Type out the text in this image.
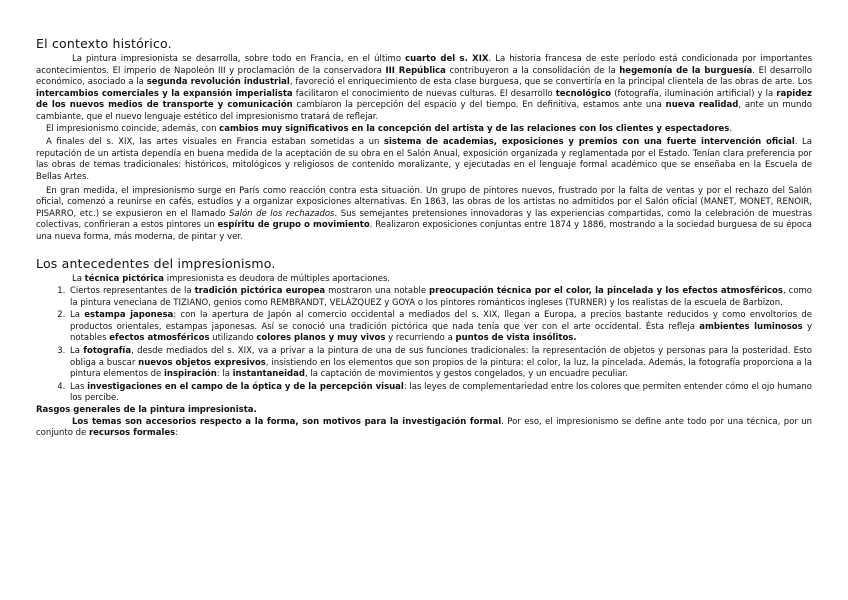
El contexto histórico.

La pintura impresionista se desarrolla, sobre todo en Francia, en el último cuarto del s. XIX. La historia francesa de este período está condicionada por importantes acontecimientos. El imperio de Napoleón III y proclamación de la conservadora III República contribuyeron a la consolidación de la hegemonía de la burguesía. El desarrollo económico, asociado a la segunda revolución industrial, favoreció el enriquecimiento de esta clase burguesa, que se convertiría en la principal clientela de las obras de arte. Los intercambios comerciales y la expansión imperialista facilitaron el conocimiento de nuevas culturas. El desarrollo tecnológico (fotografía, iluminación artificial) y la rapidez de los nuevos medios de transporte y comunicación cambiaron la percepción del espacio y del tiempo. En definitiva, estamos ante una nueva realidad, ante un mundo cambiante, que el nuevo lenguaje estético del impresionismo tratará de reflejar.

El impresionismo coincide, además, con cambios muy significativos en la concepción del artista y de las relaciones con los clientes y espectadores.

A finales del s. XIX, las artes visuales en Francia estaban sometidas a un sistema de academias, exposiciones y premios con una fuerte intervención oficial. La reputación de un artista dependía en buena medida de la aceptación de su obra en el Salón Anual, exposición organizada y reglamentada por el Estado. Tenían clara preferencia por las obras de temas tradicionales: históricos, mitológicos y religiosos de contenido moralizante, y ejecutadas en el lenguaje formal académico que se enseñaba en la Escuela de Bellas Artes.

En gran medida, el impresionismo surge en París como reacción contra esta situación. Un grupo de pintores nuevos, frustrado por la falta de ventas y por el rechazo del Salón oficial, comenzó a reunirse en cafés, estudios y a organizar exposiciones alternativas. En 1863, las obras de los artistas no admitidos por el Salón oficial (MANET, MONET, RENOIR, PISARRO, etc.) se expusieron en el llamado Salón de los rechazados. Sus semejantes pretensiones innovadoras y las experiencias compartidas, como la celebración de muestras colectivas, confirieran a estos pintores un espíritu de grupo o movimiento. Realizaron exposiciones conjuntas entre 1874 y 1886, mostrando a la sociedad burguesa de su época una nueva forma, más moderna, de pintar y ver.

Los antecedentes del impresionismo.

La técnica pictórica impresionista es deudora de múltiples aportaciones.

1. Ciertos representantes de la tradición pictórica europea mostraron una notable preocupación técnica por el color, la pincelada y los efectos atmosféricos, como la pintura veneciana de TIZIANO, genios como REMBRANDT, VELÁZQUEZ y GOYA o los pintores románticos ingleses (TURNER) y los realistas de la escuela de Barbizon.
2. La estampa japonesa: con la apertura de Japón al comercio occidental a mediados del s. XIX, llegan a Europa, a precios bastante reducidos y como envoltorios de productos orientales, estampas japonesas. Así se conoció una tradición pictórica que nada tenía que ver con el arte occidental. Ésta refleja ambientes luminosos y notables efectos atmosféricos utilizando colores planos y muy vivos y recurriendo a puntos de vista insólitos.
3. La fotografía, desde mediados del s. XIX, va a privar a la pintura de una de sus funciones tradicionales: la representación de objetos y personas para la posteridad. Esto obliga a buscar nuevos objetos expresivos, insistiendo en los elementos que son propios de la pintura: el color, la luz, la pincelada. Además, la fotografía proporciona a la pintura elementos de inspiración: la instantaneidad, la captación de movimientos y gestos congelados, y un encuadre peculiar.
4. Las investigaciones en el campo de la óptica y de la percepción visual: las leyes de complementariedad entre los colores que permiten entender cómo el ojo humano los percibe.

Rasgos generales de la pintura impresionista.

Los temas son accesorios respecto a la forma, son motivos para la investigación formal. Por eso, el impresionismo se define ante todo por una técnica, por un conjunto de recursos formales:
